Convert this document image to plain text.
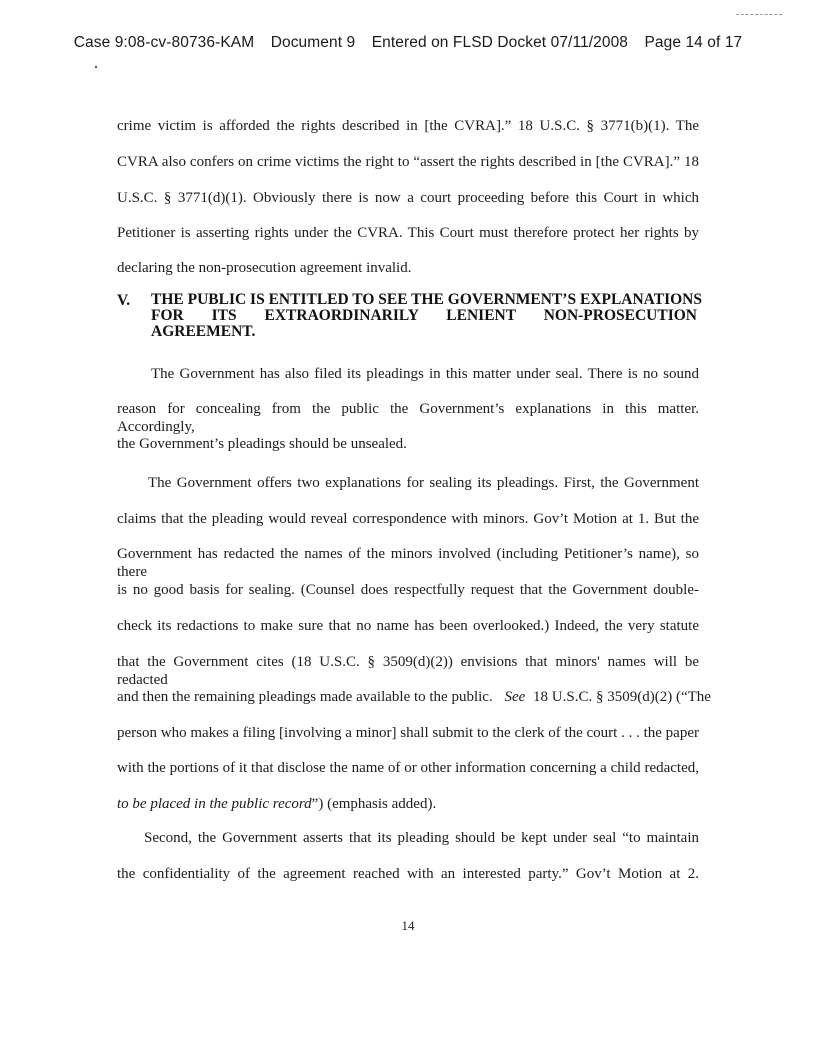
Case 9:08-cv-80736-KAM Document 9 Entered on FLSD Docket 07/11/2008 Page 14 of 17
crime victim is afforded the rights described in [the CVRA].” 18 U.S.C. § 3771(b)(1). The
CVRA also confers on crime victims the right to “assert the rights described in [the CVRA].” 18
U.S.C. § 3771(d)(1). Obviously there is now a court proceeding before this Court in which
Petitioner is asserting rights under the CVRA. This Court must therefore protect her rights by
declaring the non-prosecution agreement invalid.
V. THE PUBLIC IS ENTITLED TO SEE THE GOVERNMENT’S EXPLANATIONS
FOR ITS EXTRAORDINARILY LENIENT NON-PROSECUTION
AGREEMENT.
The Government has also filed its pleadings in this matter under seal. There is no sound
reason for concealing from the public the Government’s explanations in this matter. Accordingly,
the Government’s pleadings should be unsealed.
The Government offers two explanations for sealing its pleadings. First, the Government
claims that the pleading would reveal correspondence with minors. Gov’t Motion at 1. But the
Government has redacted the names of the minors involved (including Petitioner’s name), so there
is no good basis for sealing. (Counsel does respectfully request that the Government double-
check its redactions to make sure that no name has been overlooked.) Indeed, the very statute
that the Government cites (18 U.S.C. § 3509(d)(2)) envisions that minors' names will be redacted
and then the remaining pleadings made available to the public. See 18 U.S.C. § 3509(d)(2) (“The
person who makes a filing [involving a minor] shall submit to the clerk of the court . . . the paper
with the portions of it that disclose the name of or other information concerning a child redacted,
to be placed in the public record”) (emphasis added).
Second, the Government asserts that its pleading should be kept under seal “to maintain
the confidentiality of the agreement reached with an interested party.” Gov’t Motion at 2.
14
